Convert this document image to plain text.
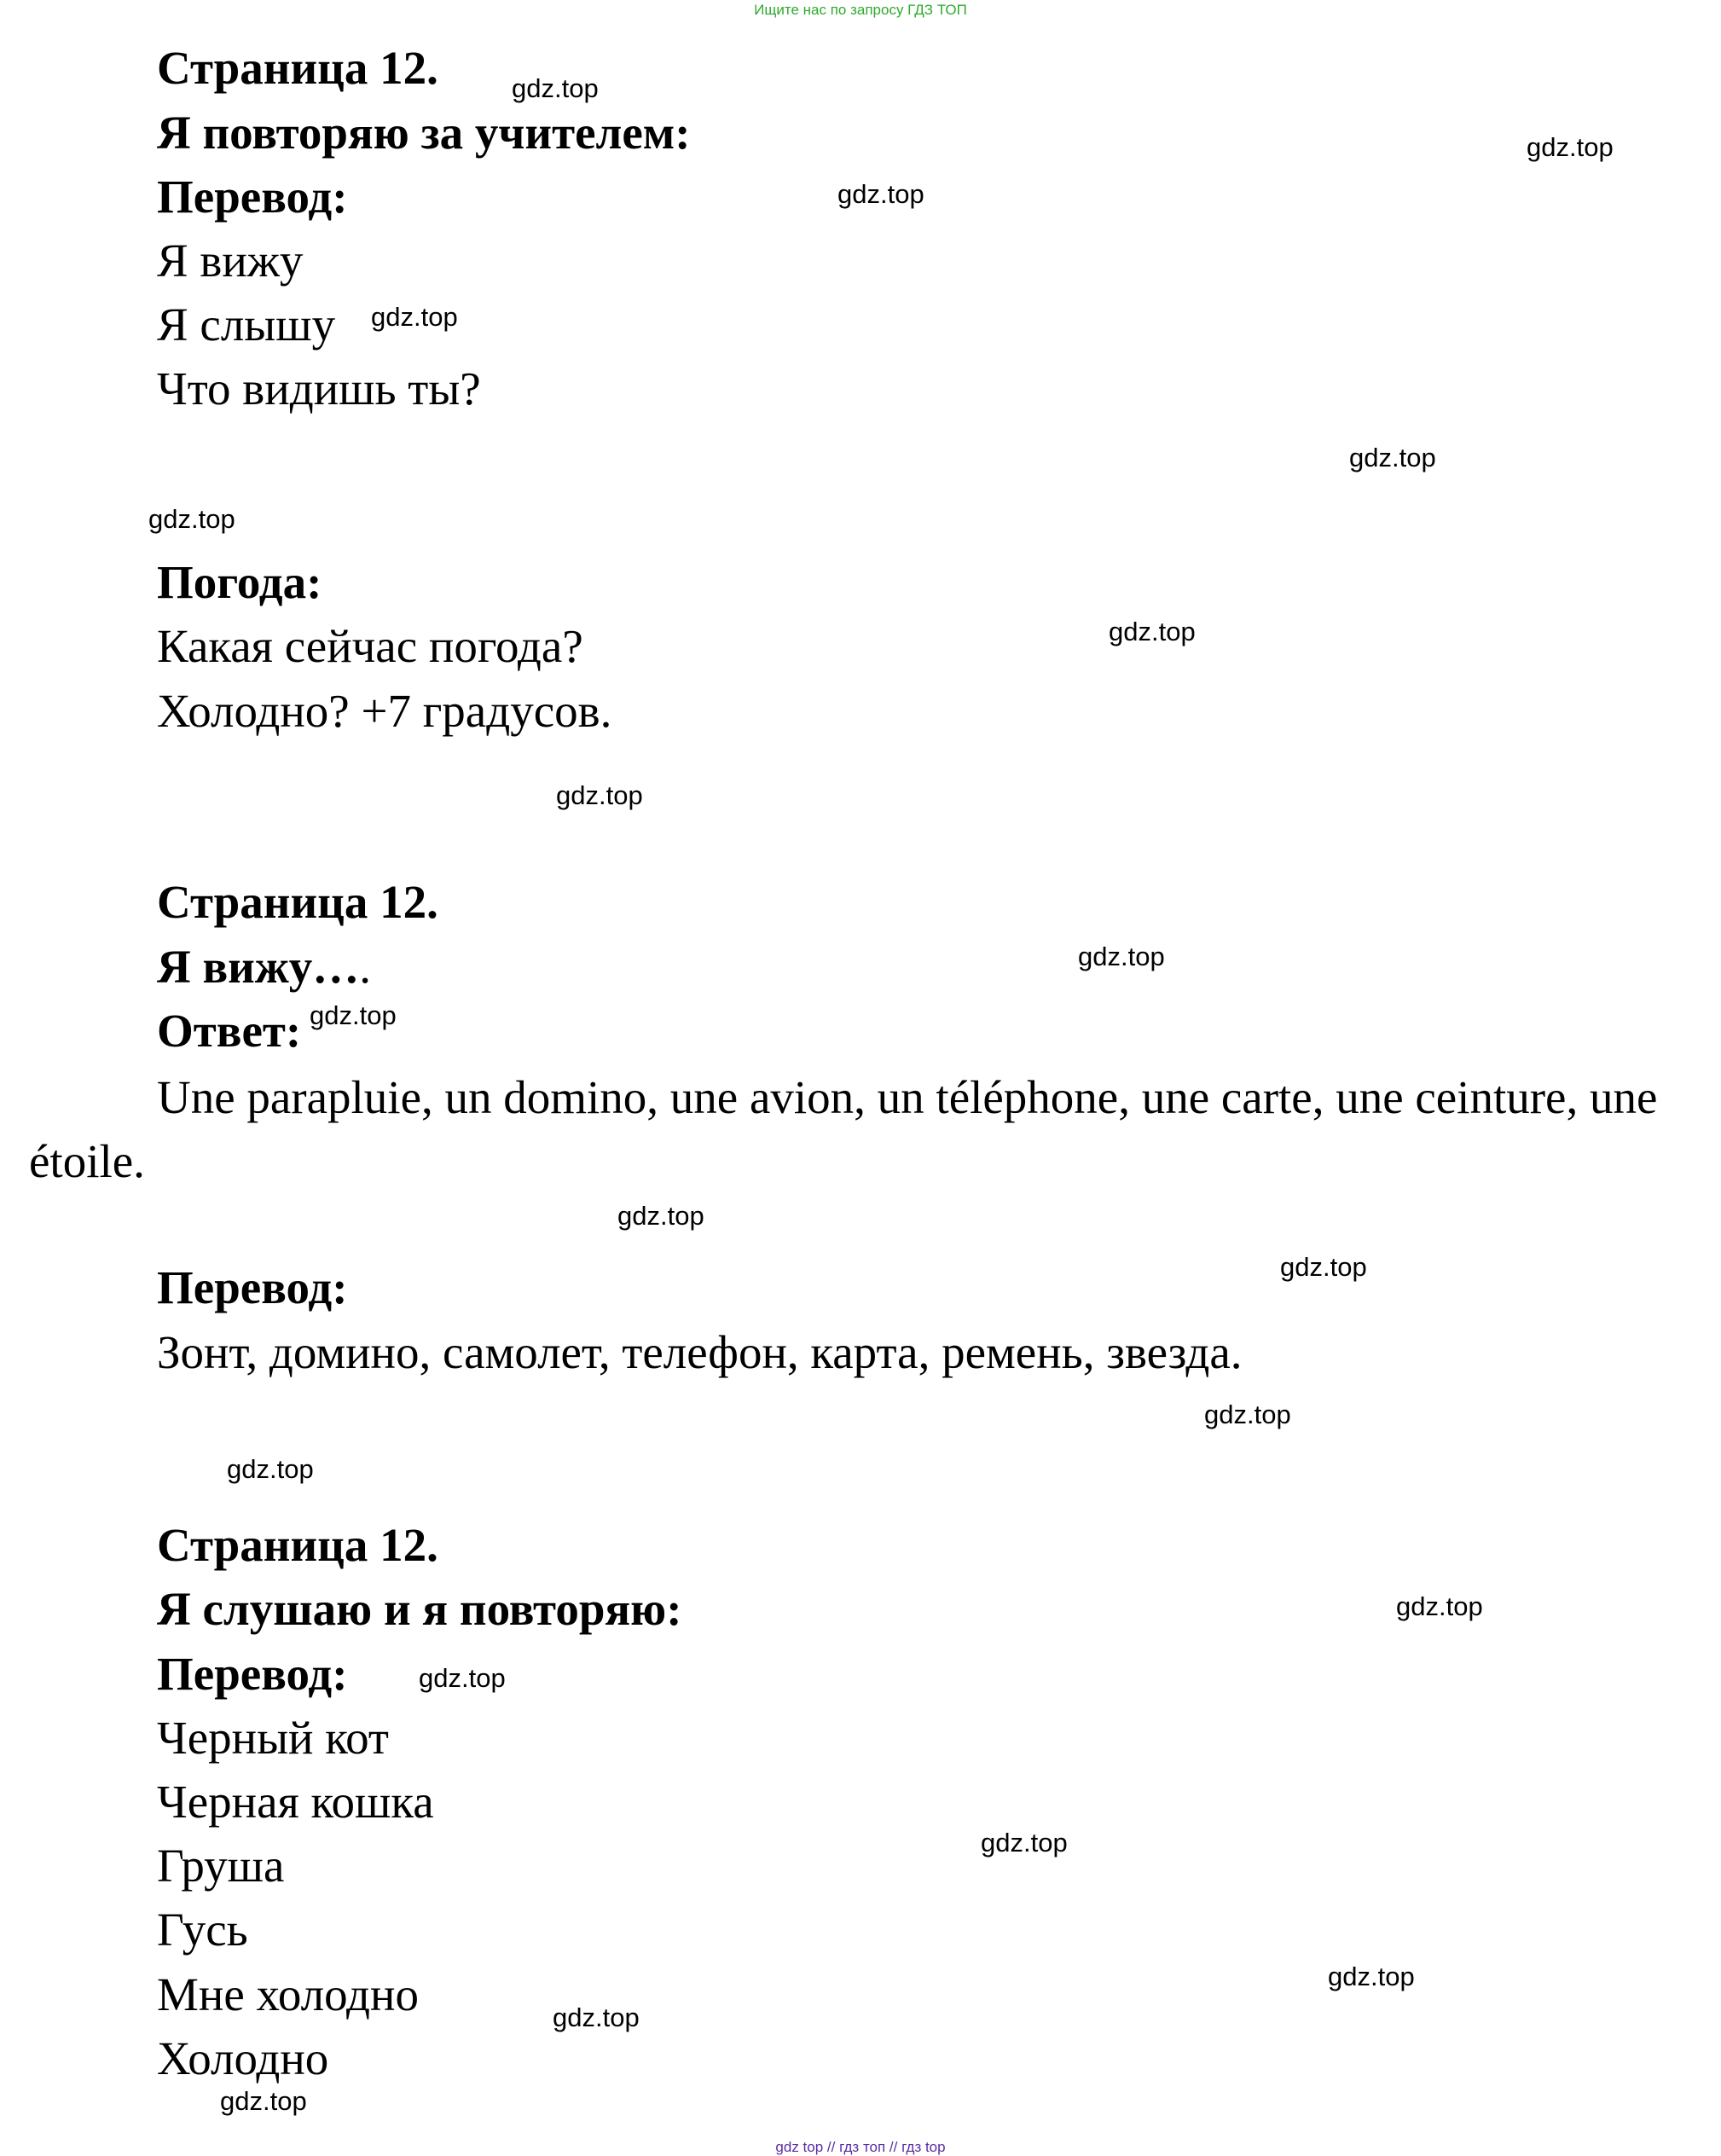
Ищите нас по запросу ГДЗ ТОП
Страница 12.
Я повторяю за учителем:
Перевод:
Я вижу
Я слышу
Что видишь ты?
Погода:
Какая сейчас погода?
Холодно? +7 градусов.
Страница 12.
Я вижу….
Ответ:
Une parapluie, un domino, une avion, un téléphone, une carte, une ceinture, une étoile.
Перевод:
Зонт, домино, самолет, телефон, карта, ремень, звезда.
Страница 12.
Я слушаю и я повторяю:
Перевод:
Черный кот
Черная кошка
Груша
Гусь
Мне холодно
Холодно
gdz.top
gdz.top
gdz.top
gdz.top
gdz.top
gdz.top
gdz.top
gdz.top
gdz.top
gdz.top
gdz.top
gdz.top
gdz.top
gdz.top
gdz.top
gdz.top
gdz.top
gdz.top
gdz.top
gdz.top
gdz top // гдз топ // гдз top
